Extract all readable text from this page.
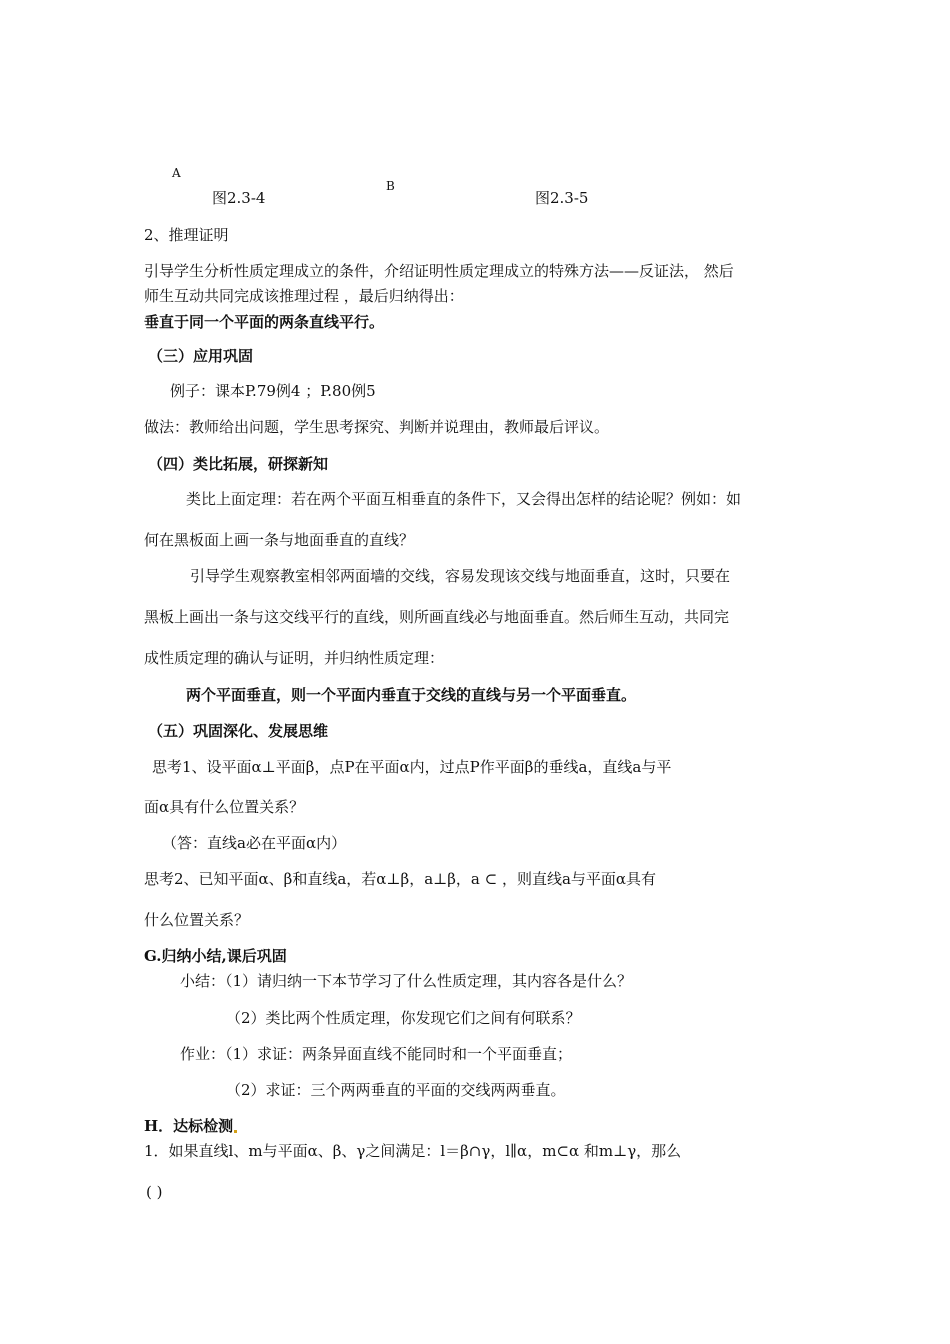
A
B
图2.3-4	图2.3-5
2、推理证明
引导学生分析性质定理成立的条件，介绍证明性质定理成立的特殊方法——反证法， 然后
师生互动共同完成该推理过程 ，最后归纳得出：
垂直于同一个平面的两条直线平行。
（三）应用巩固
例子：课本P.79例4 ；P.80例5
做法：教师给出问题，学生思考探究、判断并说理由，教师最后评议。
（四）类比拓展，研探新知
类比上面定理：若在两个平面互相垂直的条件下，又会得出怎样的结论呢？例如：如
何在黑板面上画一条与地面垂直的直线？
引导学生观察教室相邻两面墙的交线，容易发现该交线与地面垂直，这时，只要在
黑板上画出一条与这交线平行的直线，则所画直线必与地面垂直。然后师生互动，共同完
成性质定理的确认与证明，并归纳性质定理：
两个平面垂直，则一个平面内垂直于交线的直线与另一个平面垂直。
（五）巩固深化、发展思维
思考1、设平面α⊥平面β，点P在平面α内，过点P作平面β的垂线a，直线a与平
面α具有什么位置关系？
（答：直线a必在平面α内）
思考2、已知平面α、β和直线a，若α⊥β，a⊥β，a ⊂ ，则直线a与平面α具有
什么位置关系？
G.归纳小结,课后巩固
小结：（1）请归纳一下本节学习了什么性质定理，其内容各是什么？
（2）类比两个性质定理，你发现它们之间有何联系？
作业：（1）求证：两条异面直线不能同时和一个平面垂直；
（2）求证：三个两两垂直的平面的交线两两垂直。
H．达标检测
1．如果直线l、m与平面α、β、γ之间满足：l＝β∩γ，l∥α，m⊂α 和m⊥γ，那么
( )
